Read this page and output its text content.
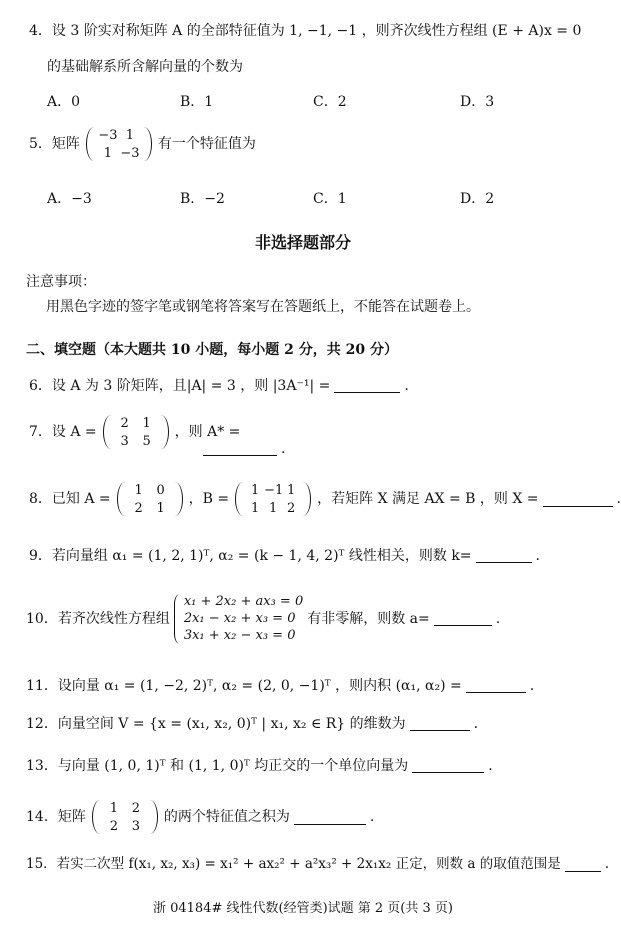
4．设 3 阶实对称矩阵 A 的全部特征值为 1, −1, −1 ，则齐次线性方程组 (E + A)x = 0
的基础解系所含解向量的个数为
A．0	B．1	C．2	D．3
5．矩阵
−3 1
1 −3
有一个特征值为
A．−3	B．−2	C．1	D．2
非选择题部分
注意事项：
用黑色字迹的签字笔或钢笔将答案写在答题纸上，不能答在试题卷上。
二、填空题（本大题共 10 小题，每小题 2 分，共 20 分）
6．设 A 为 3 阶矩阵，且|A| = 3 ，则 |3A⁻¹| =	.
7．设 A =
2	1
3	5
，则 A* =
.
8．已知 A =
1	0
2	1
，B =
1 −1 1
1 1 2
，若矩阵 X 满足 AX = B ，则 X =	.
9．若向量组 α₁ = (1, 2, 1)ᵀ, α₂ = (k − 1, 4, 2)ᵀ 线性相关，则数 k=	.
10．若齐次线性方程组
x₁ + 2x₂ + ax₃ = 0
2x₁ − x₂ + x₃ = 0
3x₁ + x₂ − x₃ = 0
有非零解，则数 a=	.
11．设向量 α₁ = (1, −2, 2)ᵀ, α₂ = (2, 0, −1)ᵀ ，则内积 (α₁, α₂) =	.
12．向量空间 V = {x = (x₁, x₂, 0)ᵀ | x₁, x₂ ∈ R} 的维数为	.
13．与向量 (1, 0, 1)ᵀ 和 (1, 1, 0)ᵀ 均正交的一个单位向量为	.
14．矩阵
1	2
2	3
的两个特征值之积为	.
15．若实二次型 f(x₁, x₂, x₃) = x₁² + ax₂² + a²x₃² + 2x₁x₂ 正定，则数 a 的取值范围是	.
浙 04184# 线性代数(经管类)试题 第 2 页(共 3 页)
